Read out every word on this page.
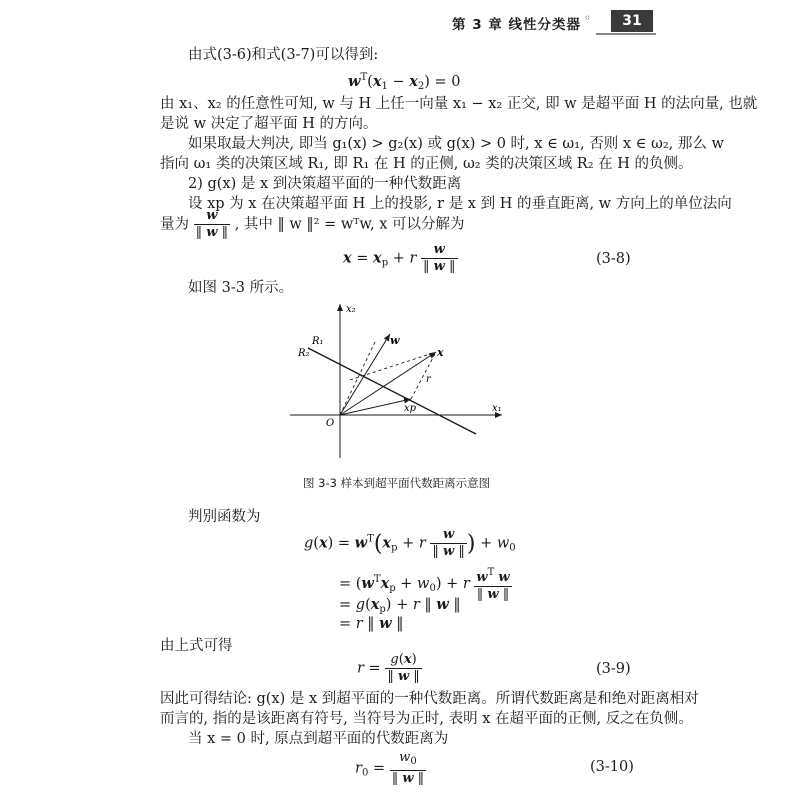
第 3 章 线性分类器 ◦	31
由式(3-6)和式(3-7)可以得到:
$w^T(x_1 - x_2) = 0$
由 x₁、x₂ 的任意性可知, w 与 H 上任一向量 x₁ − x₂ 正交, 即 w 是超平面 H 的法向量, 也就
是说 w 决定了超平面 H 的方向。
如果取最大判决, 即当 g₁(x) > g₂(x) 或 g(x) > 0 时, x ∈ ω₁, 否则 x ∈ ω₂, 那么 w
指向 ω₁ 类的决策区域 R₁, 即 R₁ 在 H 的正侧, ω₂ 类的决策区域 R₂ 在 H 的负侧。
2) g(x) 是 x 到决策超平面的一种代数距离
设 xp 为 x 在决策超平面 H 上的投影, r 是 x 到 H 的垂直距离, w 方向上的单位法向
量为 $\frac{w}{‖ w ‖}$ , 其中 ‖ w ‖² = wᵀw, x 可以分解为
$x = x_p + r \frac{w}{‖ w ‖}$	(3-8)
如图 3-3 所示。
x₂
x₁
O
R₁
R₂
w
x
r
xp
图 3-3 样本到超平面代数距离示意图
判别函数为
$g(x) = w^T(x_p + r \frac{w}{‖ w ‖}$ ) + $w_0$
= $(w^Tx_p + w_0) + r \frac{w^T w}{‖ w ‖}$
= $g(x_p) + r$ ‖ w ‖
= r ‖ w ‖
由上式可得
$r = \frac{g(x)}{‖ w ‖}$	(3-9)
因此可得结论: g(x) 是 x 到超平面的一种代数距离。所谓代数距离是和绝对距离相对
而言的, 指的是该距离有符号, 当符号为正时, 表明 x 在超平面的正侧, 反之在负侧。
当 x = 0 时, 原点到超平面的代数距离为
$r_0 = \frac{w_0}{‖ w ‖}$	(3-10)
